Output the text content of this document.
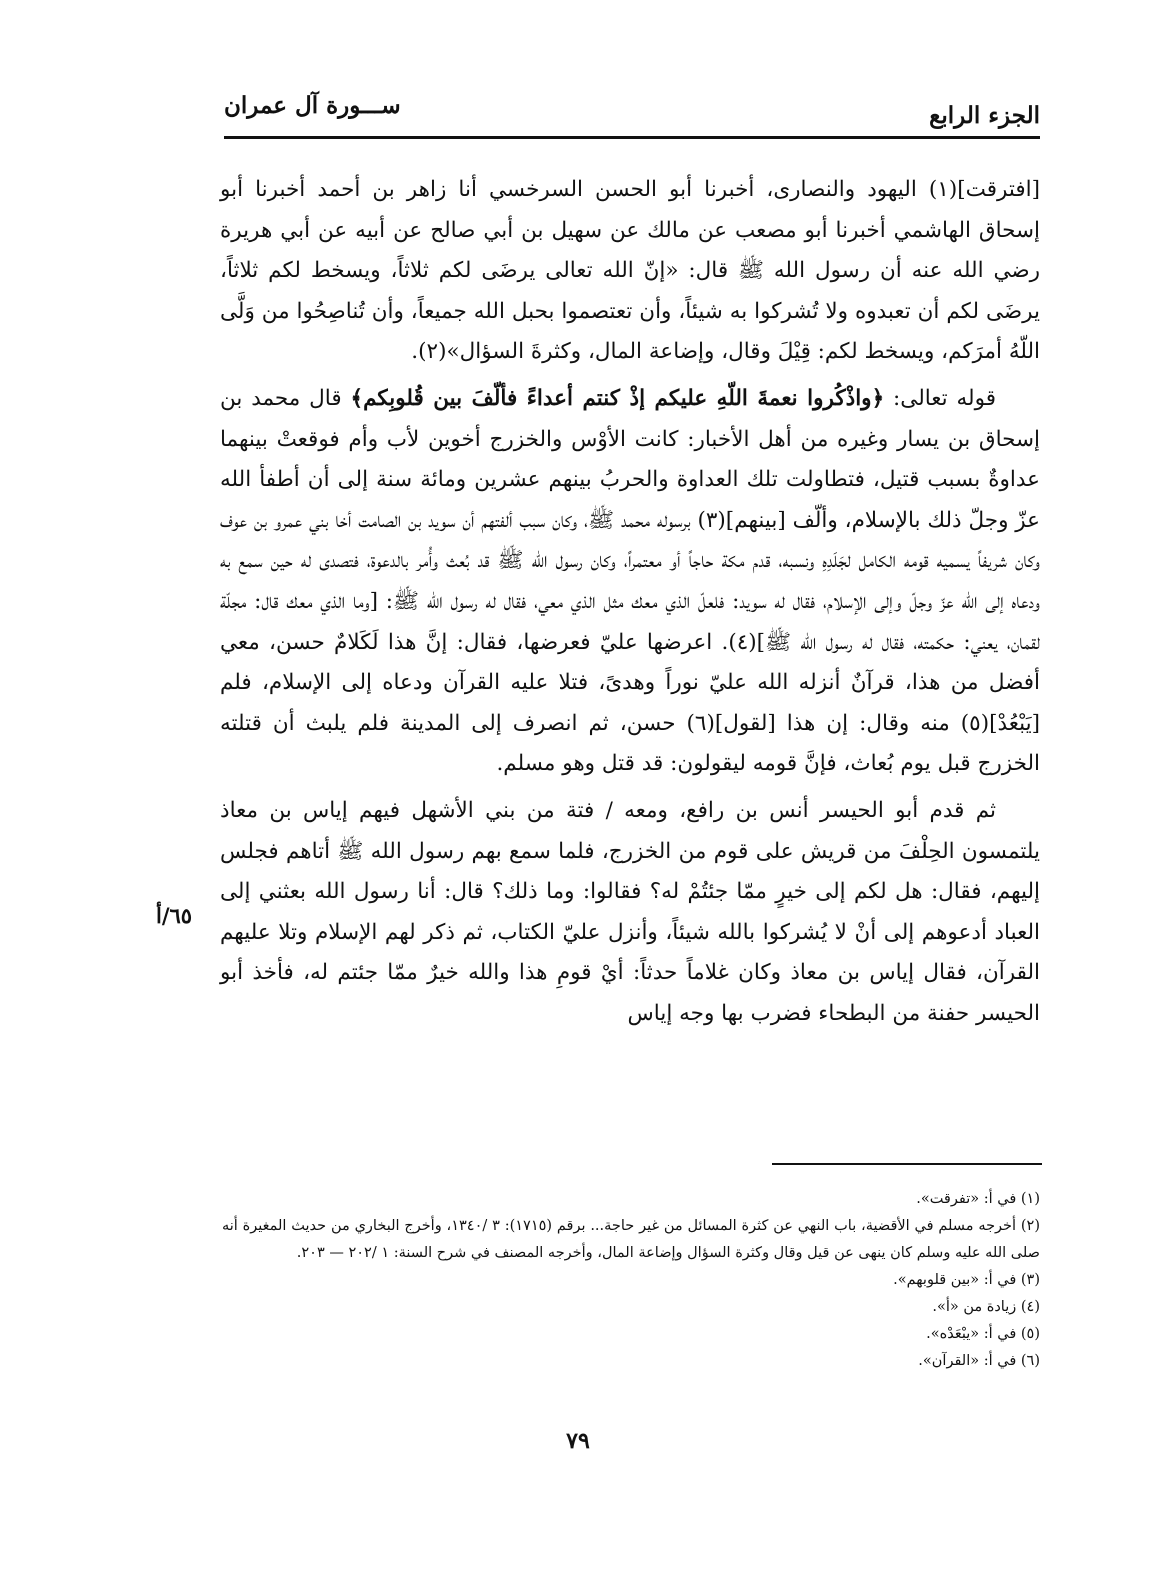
الجزء الرابع
ســـورة آل عمران

[افترقت](١) اليهود والنصارى، أخبرنا أبو الحسن السرخسي أنا زاهر بن أحمد أخبرنا أبو إسحاق الهاشمي أخبرنا أبو مصعب عن مالك عن سهيل بن أبي صالح عن أبيه عن أبي هريرة رضي الله عنه أن رسول الله ﷺ قال: «إنّ الله تعالى يرضَى لكم ثلاثاً، ويسخط لكم ثلاثاً، يرضَى لكم أن تعبدوه ولا تُشركوا به شيئاً، وأن تعتصموا بحبل الله جميعاً، وأن تُناصِحُوا من وَلَّى اللّهُ أمرَكم، ويسخط لكم: قِيْلَ وقال، وإضاعة المال، وكثرةَ السؤال»(٢).

قوله تعالى: ﴿واذْكُروا نعمةَ اللّهِ عليكم إذْ كنتم أعداءً فألّفَ بين قُلوبِكم﴾ قال محمد بن إسحاق بن يسار وغيره من أهل الأخبار: كانت الأوْس والخزرج أخوين لأب وأم فوقعتْ بينهما عداوةٌ بسبب قتيل، فتطاولت تلك العداوة والحربُ بينهم عشرين ومائة سنة إلى أن أطفأ الله عزّ وجلّ ذلك بالإسلام، وألّف [بينهم](٣) برسوله محمد ﷺ، وكان سبب ألفتهم أن سويد بن الصامت أخا بني عمرو بن عوف وكان شريفاً يسميه قومه الكامل لجَلَدِهِ ونسبه، قدم مكة حاجاً أو معتمراً، وكان رسول الله ﷺ قد بُعث وأُمر بالدعوة، فتصدى له حين سمع به ودعاه إلى الله عزّ وجلّ وإلى الإسلام، فقال له سويد: فلعلّ الذي معك مثل الذي معي، فقال له رسول الله ﷺ: [وما الذي معك قال: مجلّة لقمان، يعني: حكمته، فقال له رسول الله ﷺ](٤). اعرضها عليّ فعرضها، فقال: إنَّ هذا لَكَلامٌ حسن، معي أفضل من هذا، قرآنٌ أنزله الله عليّ نوراً وهدىً، فتلا عليه القرآن ودعاه إلى الإسلام، فلم [يَبْعُدْ](٥) منه وقال: إن هذا [لقول](٦) حسن، ثم انصرف إلى المدينة فلم يلبث أن قتلته الخزرج قبل يوم بُعاث، فإنَّ قومه ليقولون: قد قتل وهو مسلم.

ثم قدم أبو الحيسر أنس بن رافع، ومعه / فتة من بني الأشهل فيهم إياس بن معاذ يلتمسون الحِلْفَ من قريش على قوم من الخزرج، فلما سمع بهم رسول الله ﷺ أتاهم فجلس إليهم، فقال: هل لكم إلى خيرٍ ممّا جئتُمْ له؟ فقالوا: وما ذلك؟ قال: أنا رسول الله بعثني إلى العباد أدعوهم إلى أنْ لا يُشركوا بالله شيئاً، وأنزل عليّ الكتاب، ثم ذكر لهم الإسلام وتلا عليهم القرآن، فقال إياس بن معاذ وكان غلاماً حدثاً: أيْ قومِ هذا والله خيرٌ ممّا جئتم له، فأخذ أبو الحيسر حفنة من البطحاء فضرب بها وجه إياس

٦٥/أ
(١) في أ: «تفرقت».
(٢) أخرجه مسلم في الأقضية، باب النهي عن كثرة المسائل من غير حاجة... برقم (١٧١٥): ٣ /١٣٤٠، وأخرج البخاري من حديث المغيرة أنه صلى الله عليه وسلم كان ينهى عن قيل وقال وكثرة السؤال وإضاعة المال، وأخرجه المصنف في شرح السنة: ١ /٢٠٢ — ٢٠٣.
(٣) في أ: «بين قلوبهم».
(٤) زيادة من «أ».
(٥) في أ: «يبْعَدْه».
(٦) في أ: «القرآن».
٧٩
